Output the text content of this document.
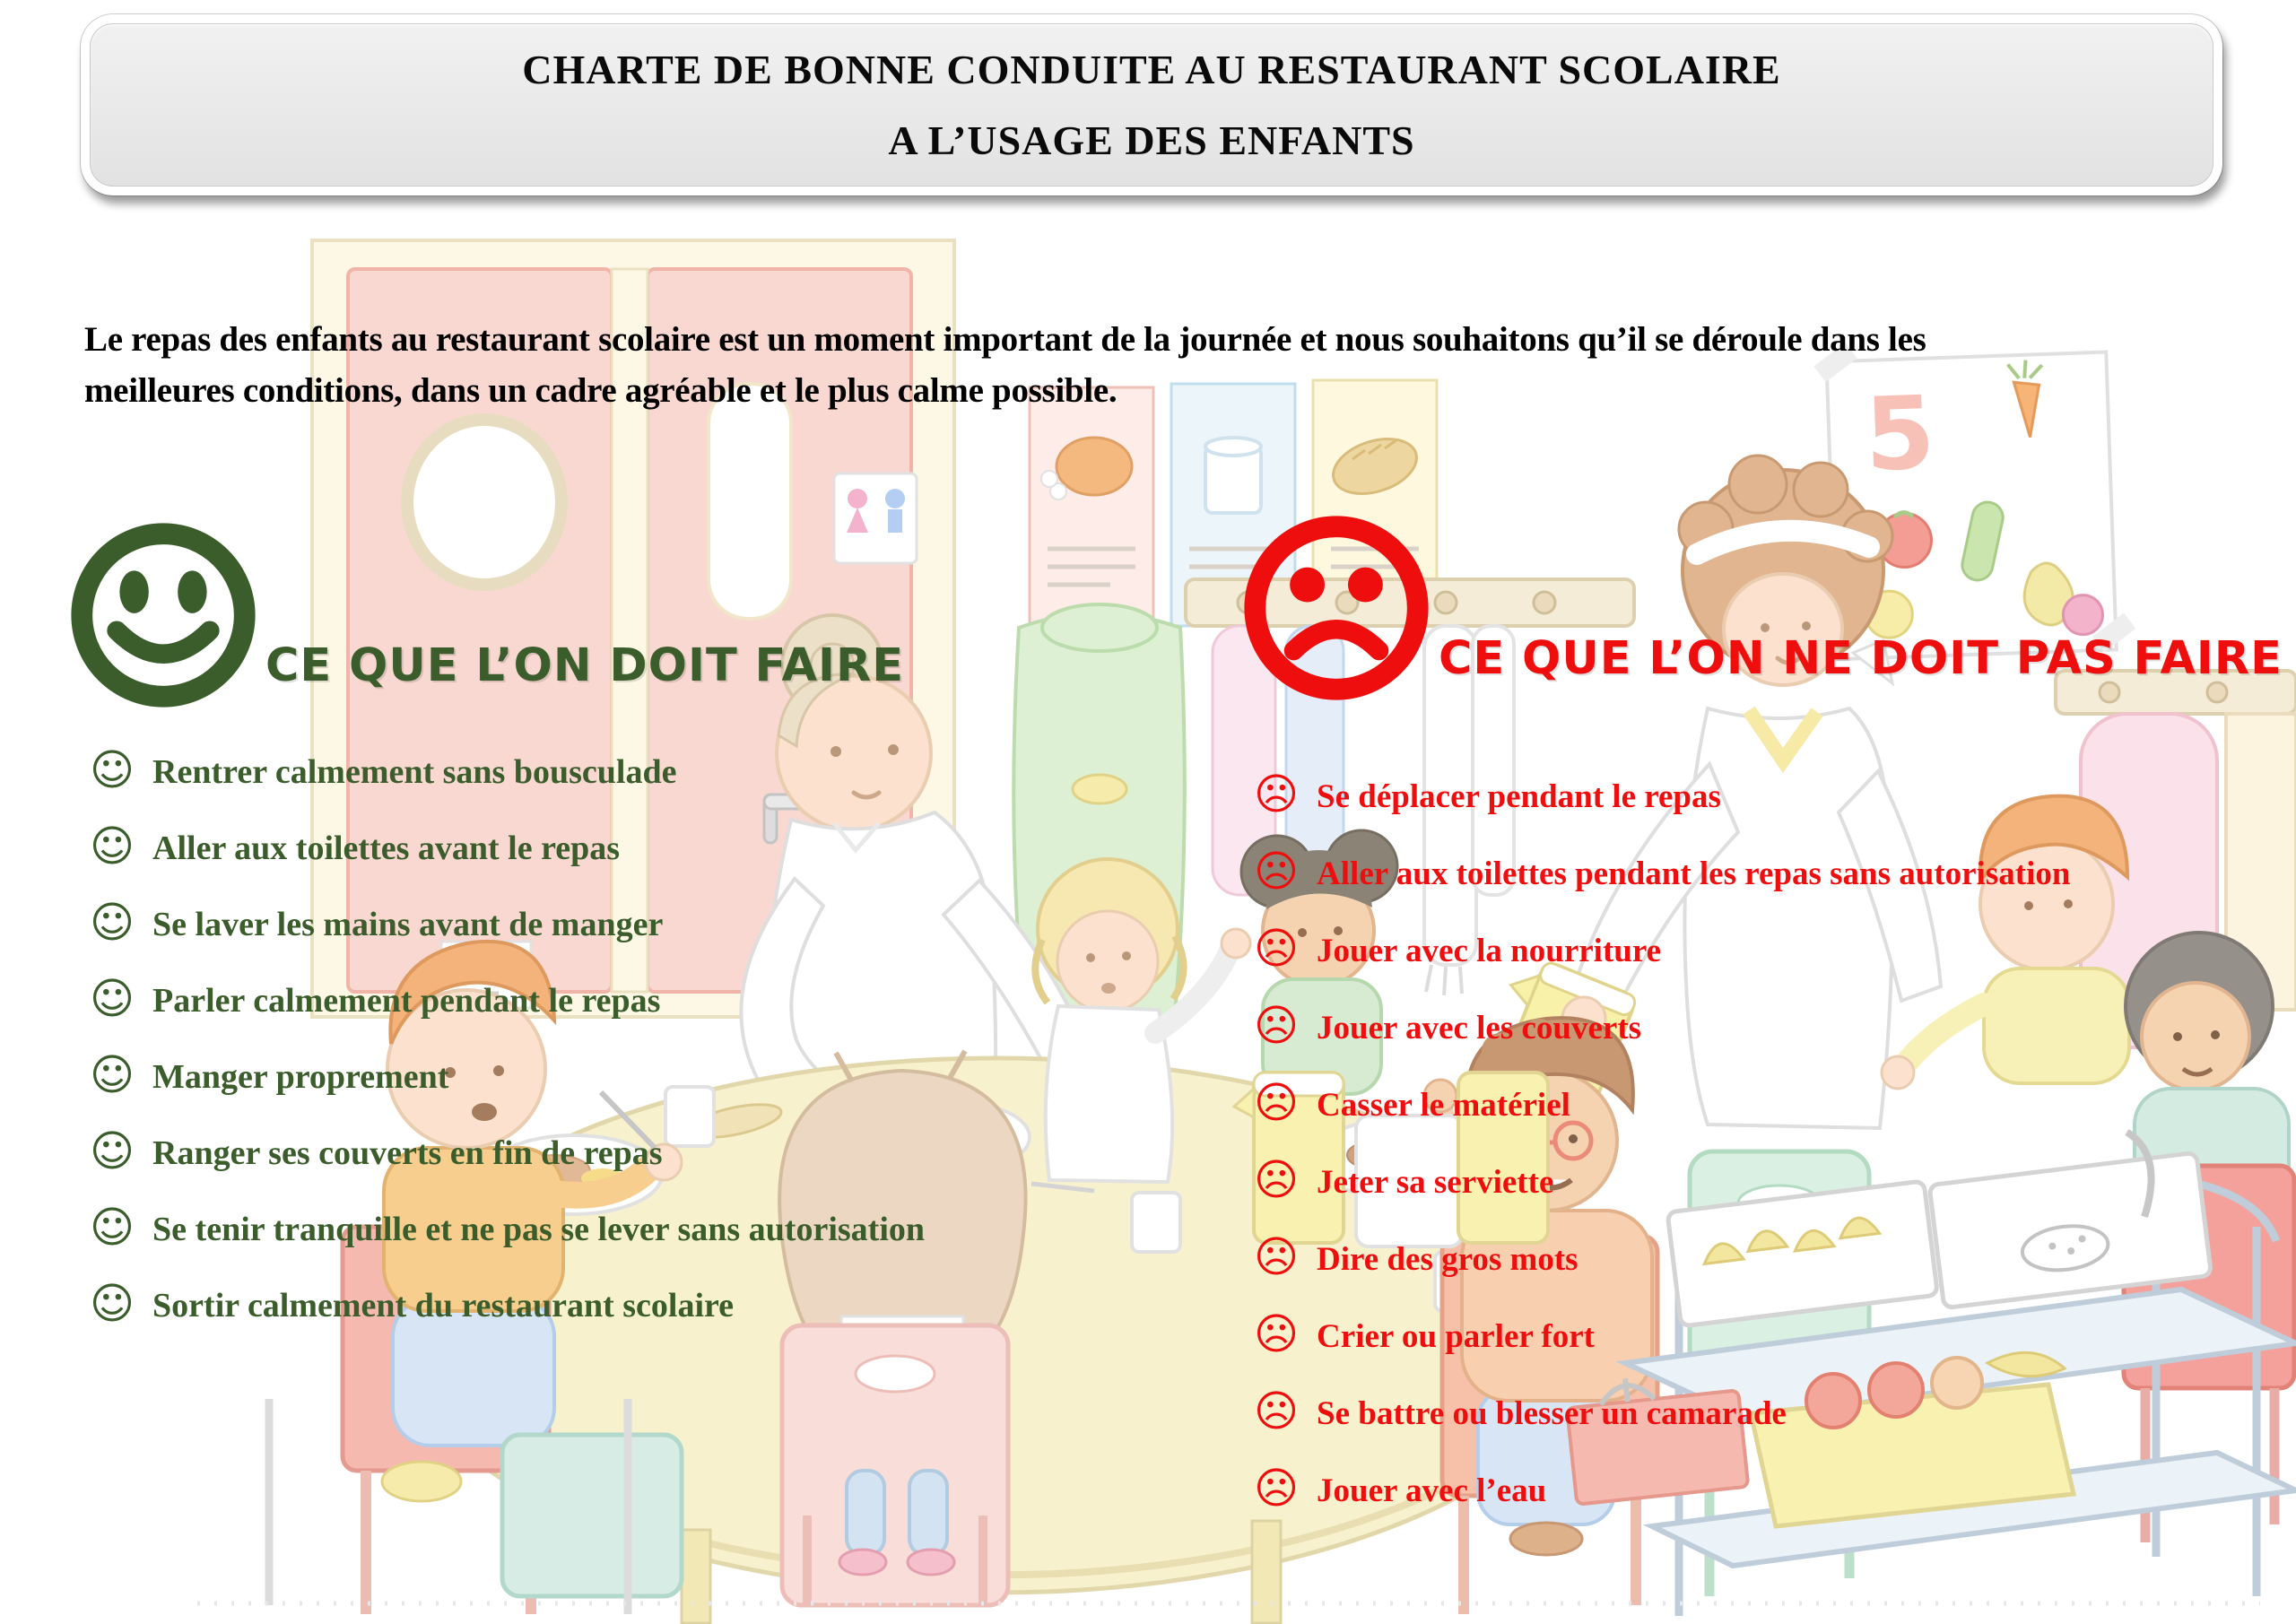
5
CHARTE DE BONNE CONDUITE AU RESTAURANT SCOLAIRE
A L’USAGE DES ENFANTS
Le repas des enfants au restaurant scolaire est un moment important de la journée et nous souhaitons qu’il se déroule dans les
meilleures conditions, dans un cadre agréable et le plus calme possible.
CE QUE L’ON DOIT FAIRE
☺ Rentrer calmement sans bousculade
☺ Aller aux toilettes avant le repas
☺ Se laver les mains avant de manger
☺ Parler calmement pendant le repas
☺ Manger proprement
☺ Ranger ses couverts en fin de repas
☺ Se tenir tranquille et ne pas se lever sans autorisation
☺ Sortir calmement du restaurant scolaire
CE QUE L’ON NE DOIT PAS FAIRE
☹ Se déplacer pendant le repas
☹ Aller aux toilettes pendant les repas sans autorisation
☹ Jouer avec la nourriture
☹ Jouer avec les couverts
☹ Casser le matériel
☹ Jeter sa serviette
☹ Dire des gros mots
☹ Crier ou parler fort
☹ Se battre ou blesser un camarade
☹ Jouer avec l’eau
